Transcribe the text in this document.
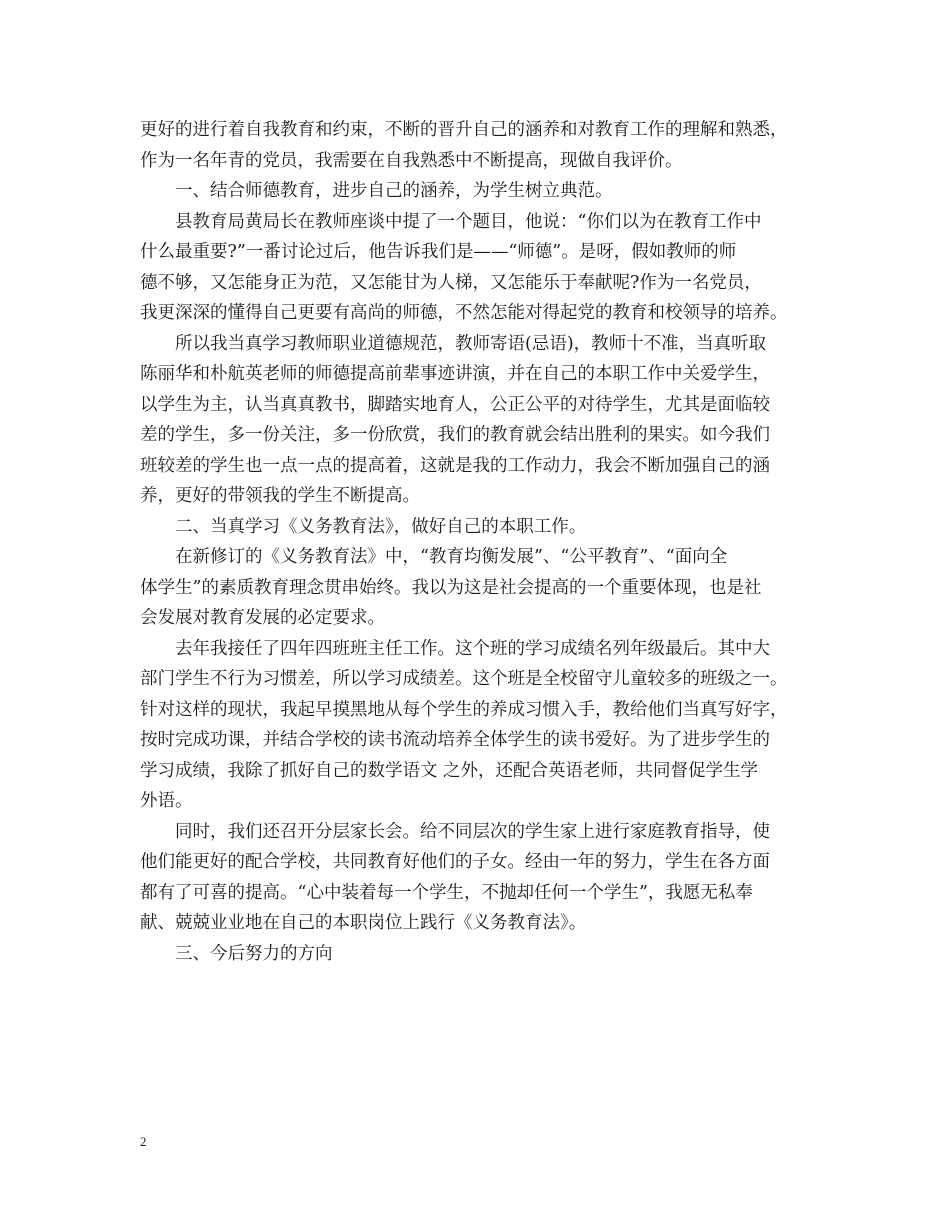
更好的进行着自我教育和约束，不断的晋升自己的涵养和对教育工作的理解和熟悉，
作为一名年青的党员，我需要在自我熟悉中不断提高，现做自我评价。
一、结合师德教育，进步自己的涵养，为学生树立典范。
县教育局黄局长在教师座谈中提了一个题目，他说：“你们以为在教育工作中
什么最重要?”一番讨论过后，他告诉我们是——“师德”。是呀，假如教师的师
德不够，又怎能身正为范，又怎能甘为人梯，又怎能乐于奉献呢?作为一名党员，
我更深深的懂得自己更要有高尚的师德，不然怎能对得起党的教育和校领导的培养。
所以我当真学习教师职业道德规范，教师寄语(忌语)，教师十不准，当真听取
陈丽华和朴航英老师的师德提高前辈事迹讲演，并在自己的本职工作中关爱学生，
以学生为主，认当真真教书，脚踏实地育人，公正公平的对待学生，尤其是面临较
差的学生，多一份关注，多一份欣赏，我们的教育就会结出胜利的果实。如今我们
班较差的学生也一点一点的提高着，这就是我的工作动力，我会不断加强自己的涵
养，更好的带领我的学生不断提高。
二、当真学习《义务教育法》，做好自己的本职工作。
在新修订的《义务教育法》中，“教育均衡发展”、“公平教育”、“面向全
体学生”的素质教育理念贯串始终。我以为这是社会提高的一个重要体现，也是社
会发展对教育发展的必定要求。
去年我接任了四年四班班主任工作。这个班的学习成绩名列年级最后。其中大
部门学生不行为习惯差，所以学习成绩差。这个班是全校留守儿童较多的班级之一。
针对这样的现状，我起早摸黑地从每个学生的养成习惯入手，教给他们当真写好字，
按时完成功课，并结合学校的读书流动培养全体学生的读书爱好。为了进步学生的
学习成绩，我除了抓好自己的数学语文 之外，还配合英语老师，共同督促学生学
外语。
同时，我们还召开分层家长会。给不同层次的学生家上进行家庭教育指导，使
他们能更好的配合学校，共同教育好他们的子女。经由一年的努力，学生在各方面
都有了可喜的提高。“心中装着每一个学生，不抛却任何一个学生”，我愿无私奉
献、兢兢业业地在自己的本职岗位上践行《义务教育法》。
三、今后努力的方向
2
